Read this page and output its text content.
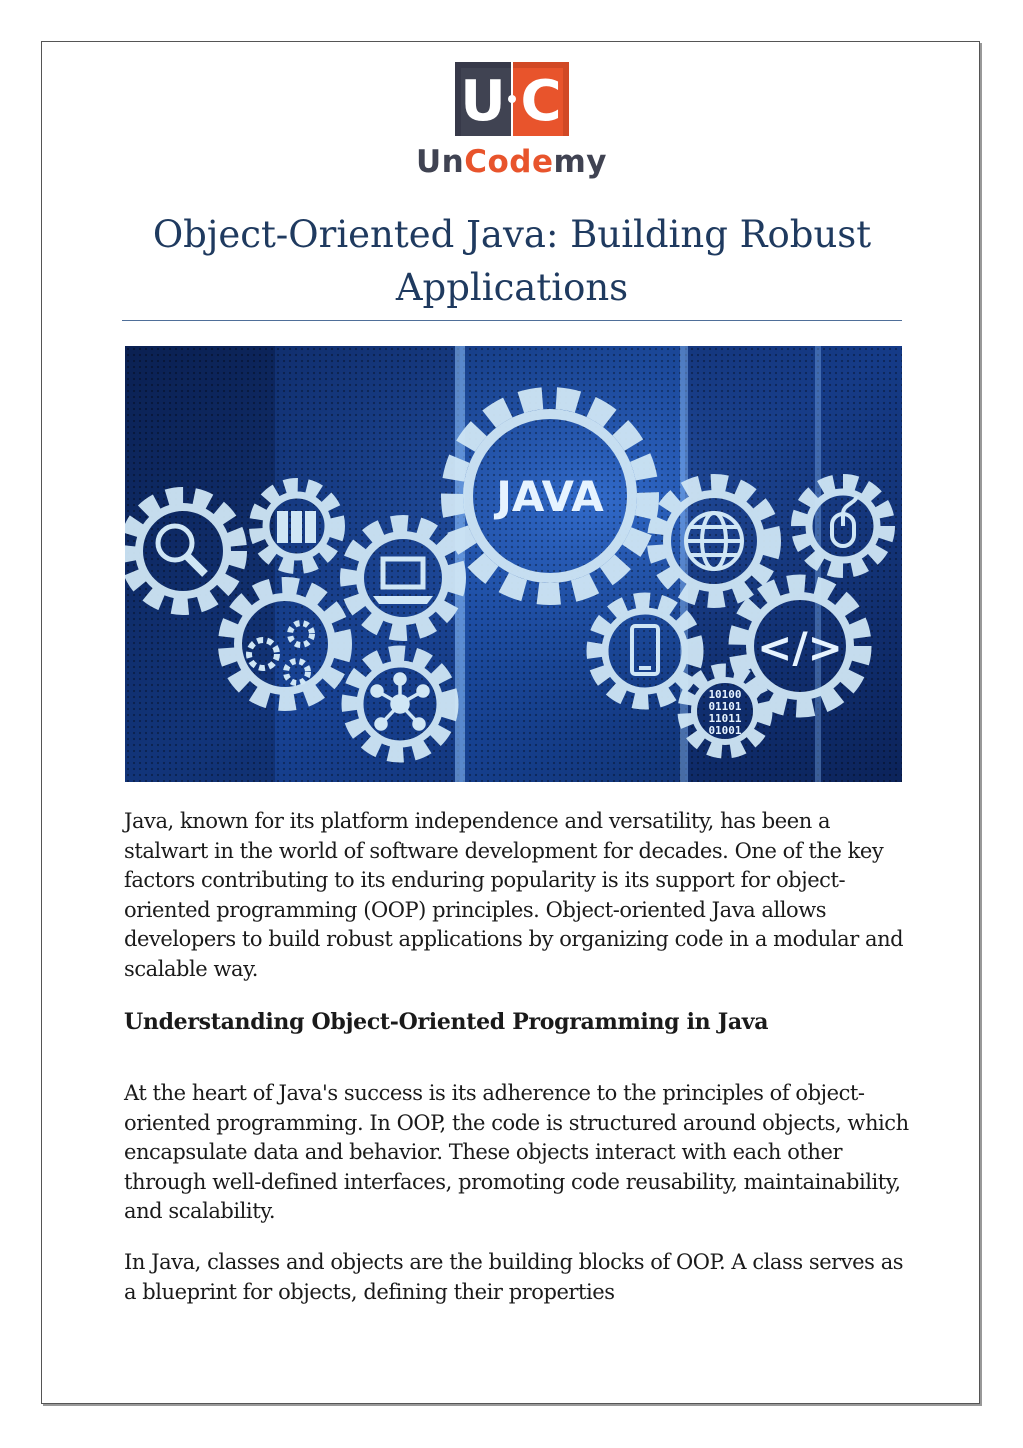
U C
UnCodemy
Object-Oriented Java: Building Robust Applications
JAVA
</>
10100
01101
11011
01001

Java, known for its platform independence and versatility, has been a stalwart in the world of software development for decades. One of the key factors contributing to its enduring popularity is its support for object-oriented programming (OOP) principles. Object-oriented Java allows developers to build robust applications by organizing code in a modular and scalable way.

Understanding Object-Oriented Programming in Java

At the heart of Java's success is its adherence to the principles of object-oriented programming. In OOP, the code is structured around objects, which encapsulate data and behavior. These objects interact with each other through well-defined interfaces, promoting code reusability, maintainability, and scalability.

In Java, classes and objects are the building blocks of OOP. A class serves as a blueprint for objects, defining their properties
